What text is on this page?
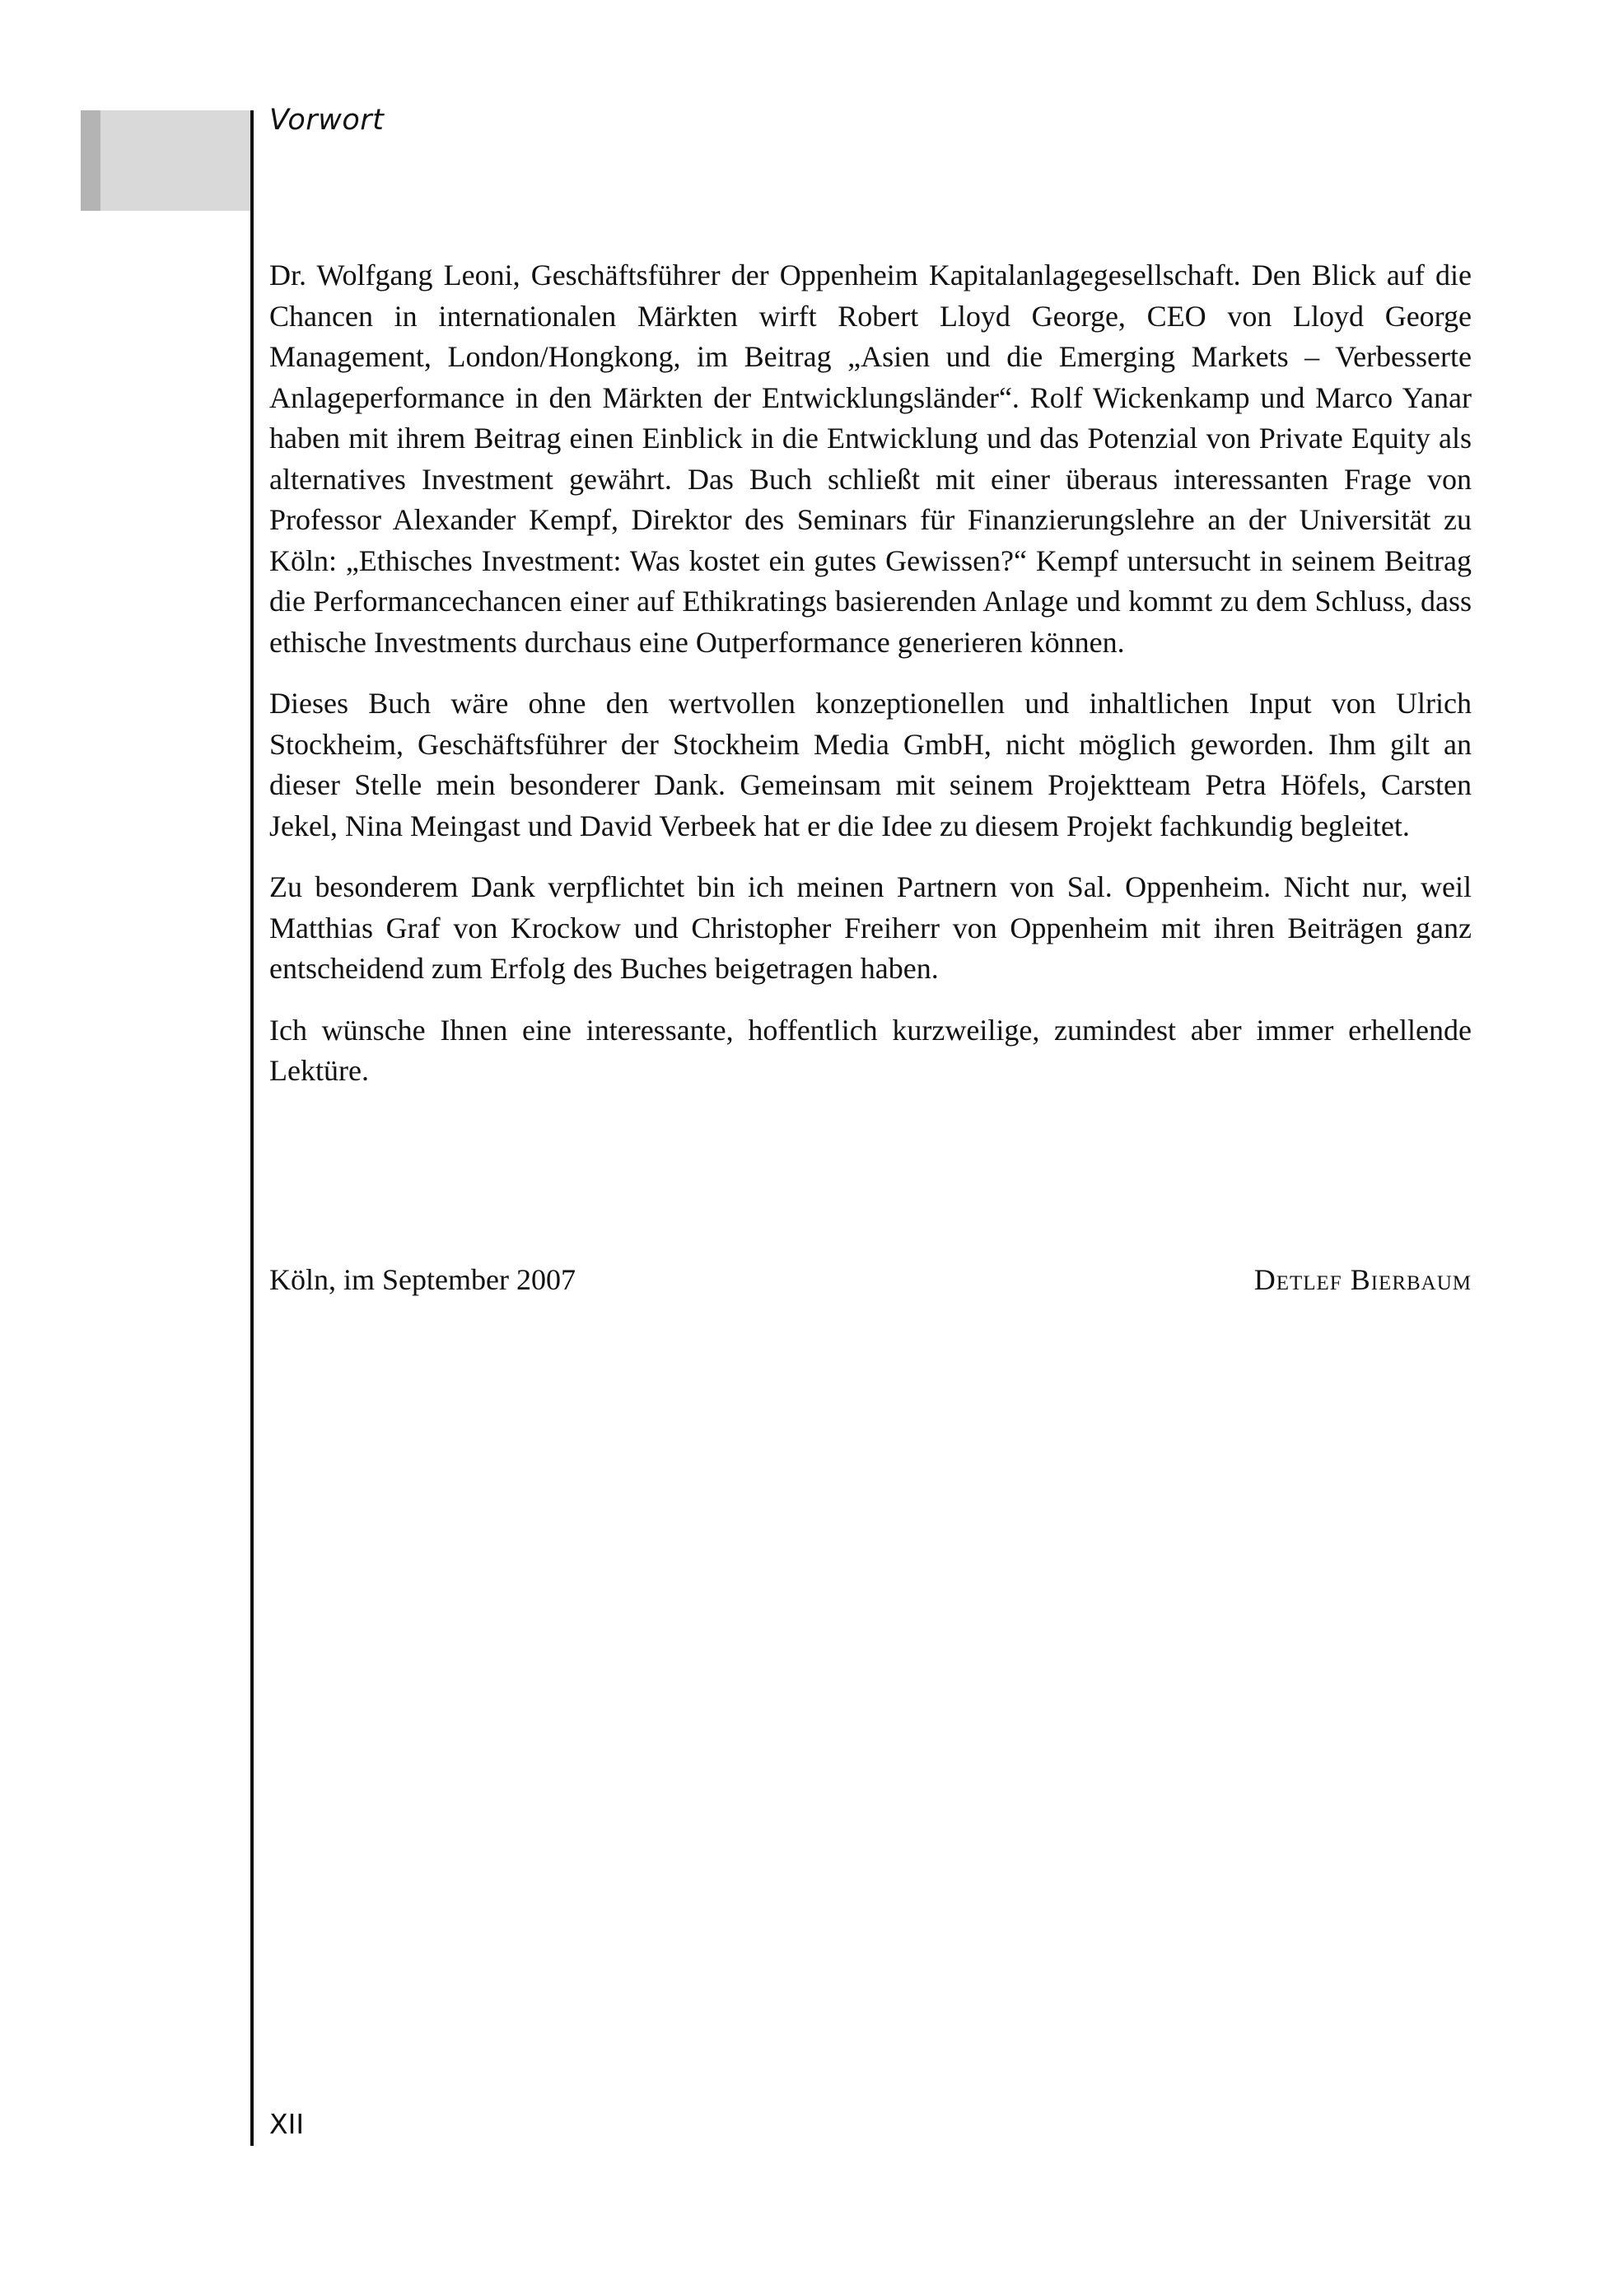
Vorwort

Dr. Wolfgang Leoni, Geschäftsführer der Oppenheim Kapitalanlagegesellschaft. Den Blick auf die Chancen in internationalen Märkten wirft Robert Lloyd George, CEO von Lloyd George Management, London/Hongkong, im Beitrag „Asien und die Emerging Markets – Verbesserte Anlageperformance in den Märkten der Entwicklungsländer“. Rolf Wickenkamp und Marco Yanar haben mit ihrem Beitrag einen Einblick in die Entwicklung und das Potenzial von Private Equity als alternatives Investment gewährt. Das Buch schließt mit einer überaus interessanten Frage von Professor Alexander Kempf, Direktor des Seminars für Finanzierungslehre an der Universität zu Köln: „Ethisches Investment: Was kostet ein gutes Gewissen?“ Kempf untersucht in seinem Beitrag die Performancechancen einer auf Ethikratings basierenden Anlage und kommt zu dem Schluss, dass ethische Investments durchaus eine Outperformance generieren können.

Dieses Buch wäre ohne den wertvollen konzeptionellen und inhaltlichen Input von Ulrich Stockheim, Geschäftsführer der Stockheim Media GmbH, nicht möglich geworden. Ihm gilt an dieser Stelle mein besonderer Dank. Gemeinsam mit seinem Projektteam Petra Höfels, Carsten Jekel, Nina Meingast und David Verbeek hat er die Idee zu diesem Projekt fachkundig begleitet.

Zu besonderem Dank verpflichtet bin ich meinen Partnern von Sal. Oppenheim. Nicht nur, weil Matthias Graf von Krockow und Christopher Freiherr von Oppenheim mit ihren Beiträgen ganz entscheidend zum Erfolg des Buches beigetragen haben.

Ich wünsche Ihnen eine interessante, hoffentlich kurzweilige, zumindest aber immer erhellende Lektüre.

Köln, im September 2007	Detlef Bierbaum
XII
